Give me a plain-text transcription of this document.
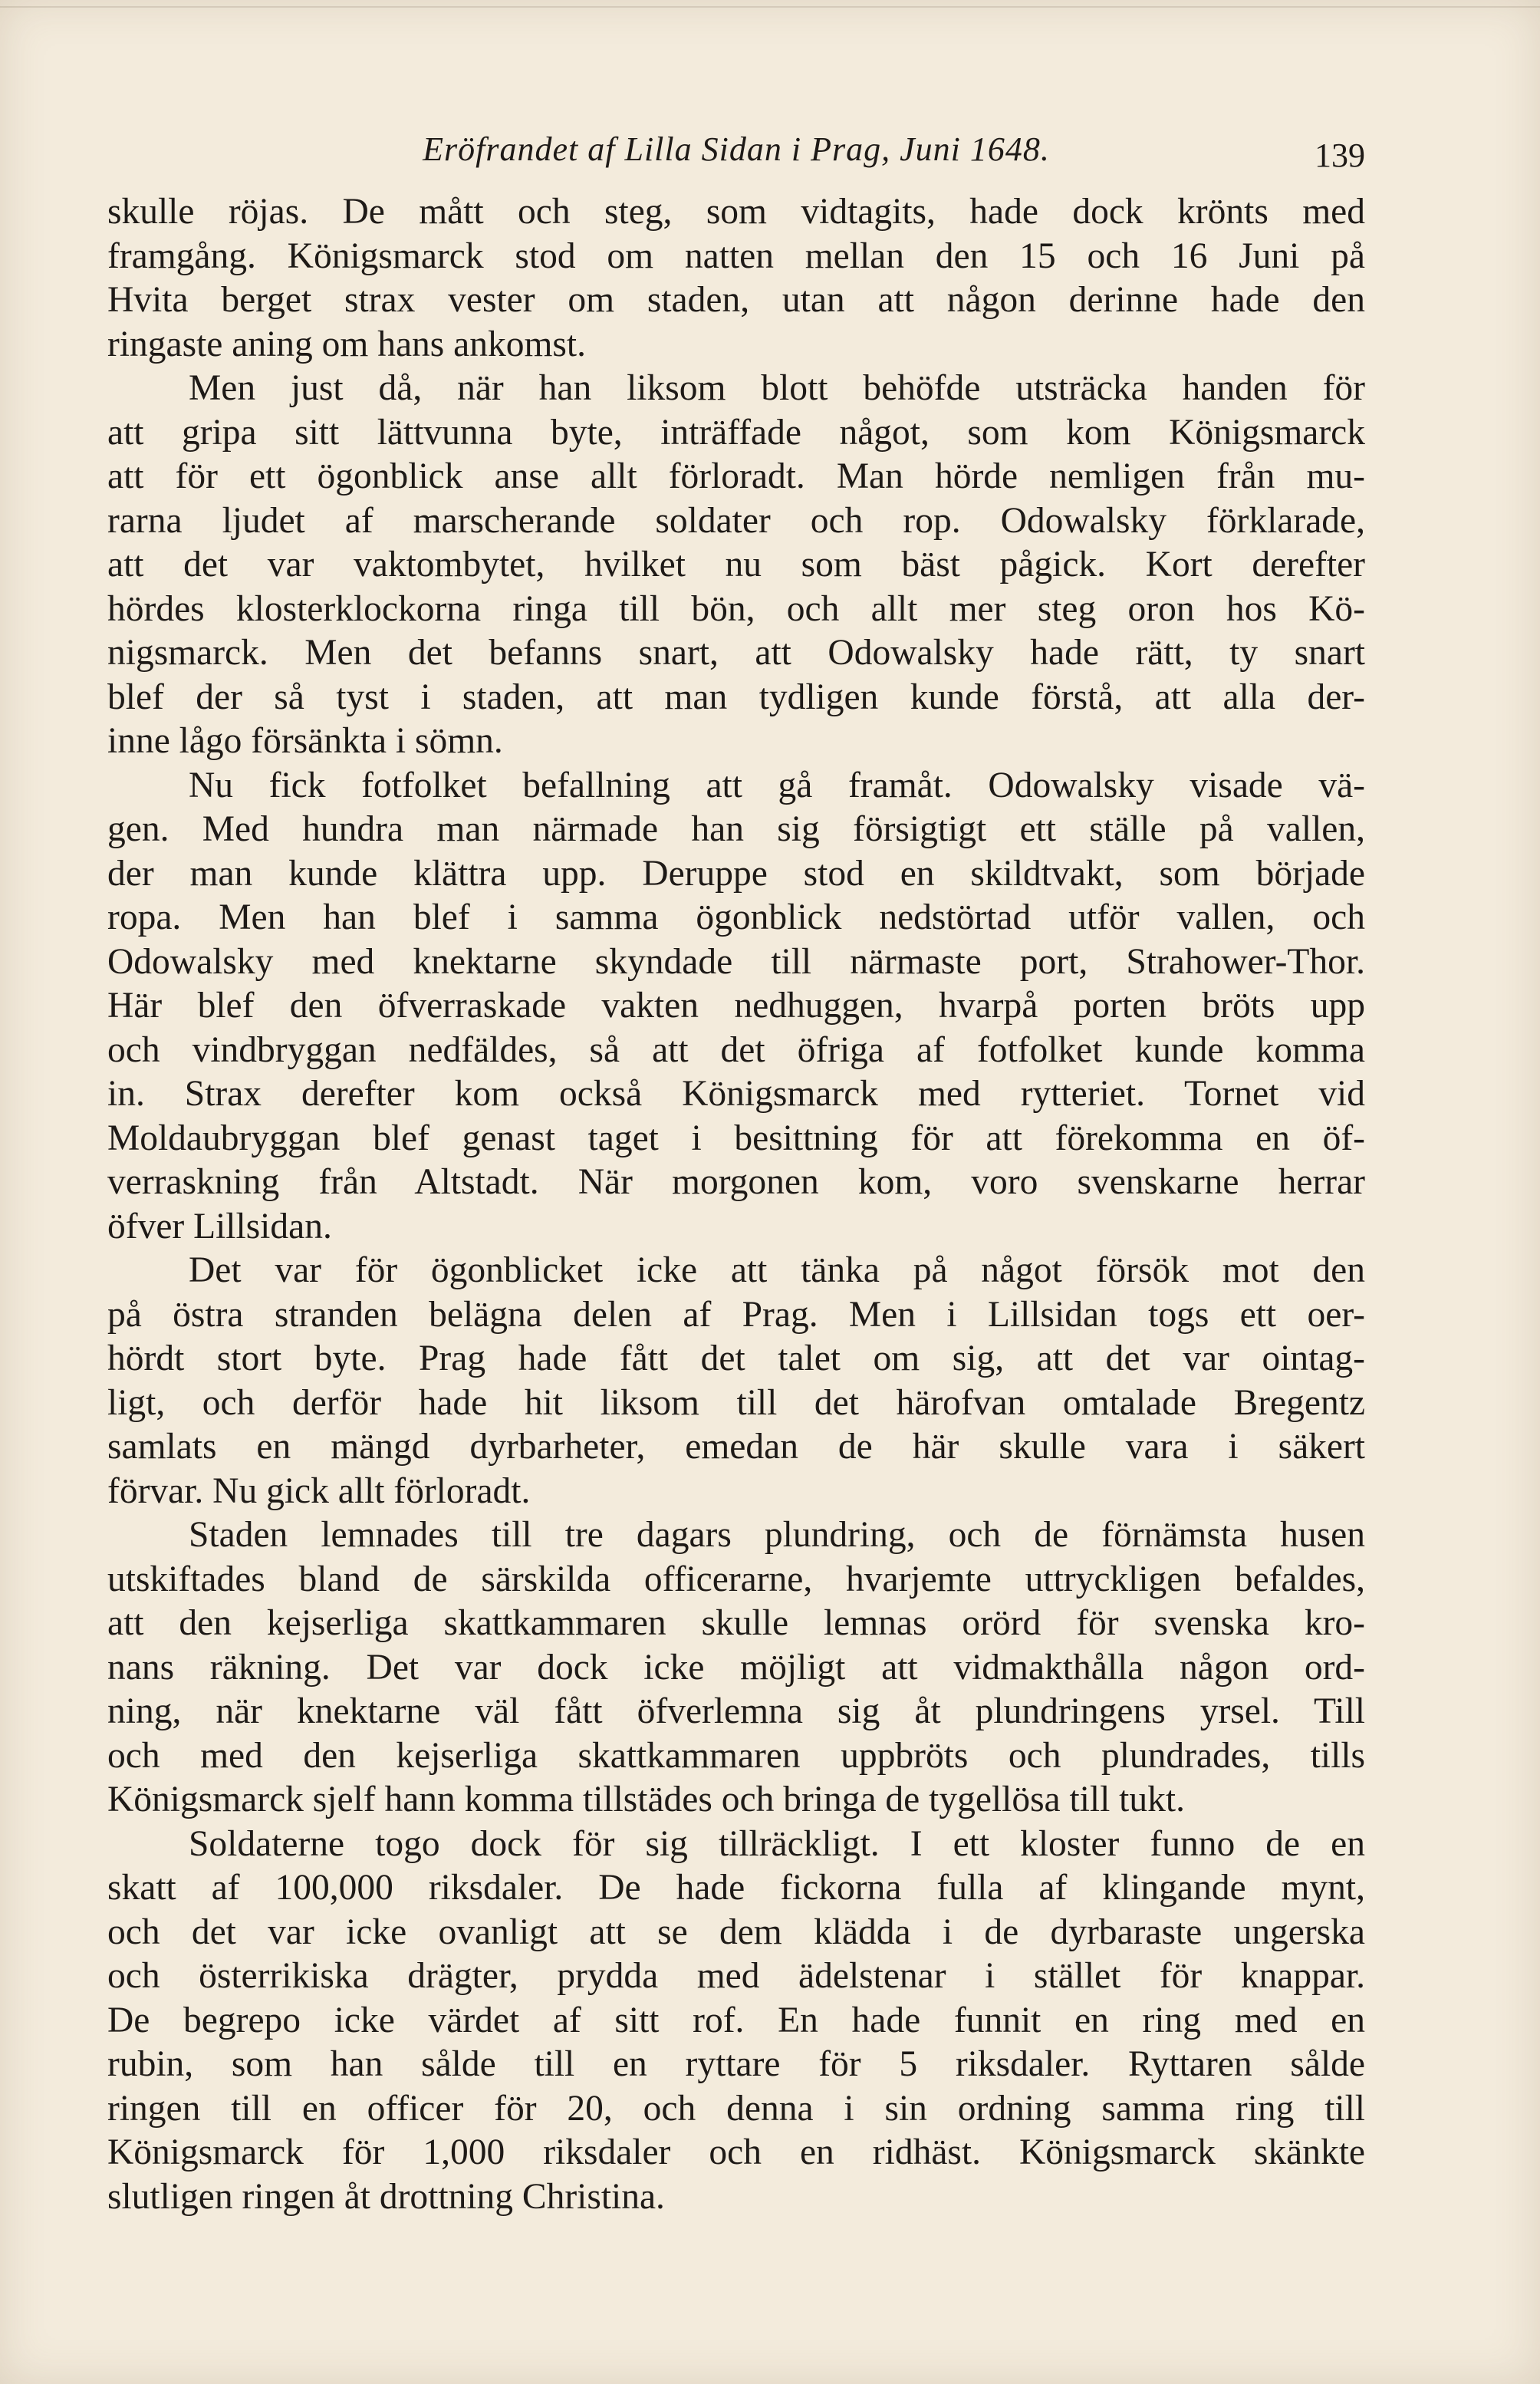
Eröfrandet af Lilla Sidan i Prag, Juni 1648.	139
skulle röjas. De mått och steg, som vidtagits, hade dock krönts med
framgång. Königsmarck stod om natten mellan den 15 och 16 Juni på
Hvita berget strax vester om staden, utan att någon derinne hade den
ringaste aning om hans ankomst.
Men just då, när han liksom blott behöfde utsträcka handen för
att gripa sitt lättvunna byte, inträffade något, som kom Königsmarck
att för ett ögonblick anse allt förloradt. Man hörde nemligen från mu-
rarna ljudet af marscherande soldater och rop. Odowalsky förklarade,
att det var vaktombytet, hvilket nu som bäst pågick. Kort derefter
hördes klosterklockorna ringa till bön, och allt mer steg oron hos Kö-
nigsmarck. Men det befanns snart, att Odowalsky hade rätt, ty snart
blef der så tyst i staden, att man tydligen kunde förstå, att alla der-
inne lågo försänkta i sömn.
Nu fick fotfolket befallning att gå framåt. Odowalsky visade vä-
gen. Med hundra man närmade han sig försigtigt ett ställe på vallen,
der man kunde klättra upp. Deruppe stod en skildtvakt, som började
ropa. Men han blef i samma ögonblick nedstörtad utför vallen, och
Odowalsky med knektarne skyndade till närmaste port, Strahower-Thor.
Här blef den öfverraskade vakten nedhuggen, hvarpå porten bröts upp
och vindbryggan nedfäldes, så att det öfriga af fotfolket kunde komma
in. Strax derefter kom också Königsmarck med rytteriet. Tornet vid
Moldaubryggan blef genast taget i besittning för att förekomma en öf-
verraskning från Altstadt. När morgonen kom, voro svenskarne herrar
öfver Lillsidan.
Det var för ögonblicket icke att tänka på något försök mot den
på östra stranden belägna delen af Prag. Men i Lillsidan togs ett oer-
hördt stort byte. Prag hade fått det talet om sig, att det var ointag-
ligt, och derför hade hit liksom till det härofvan omtalade Bregentz
samlats en mängd dyrbarheter, emedan de här skulle vara i säkert
förvar. Nu gick allt förloradt.
Staden lemnades till tre dagars plundring, och de förnämsta husen
utskiftades bland de särskilda officerarne, hvarjemte uttryckligen befaldes,
att den kejserliga skattkammaren skulle lemnas orörd för svenska kro-
nans räkning. Det var dock icke möjligt att vidmakthålla någon ord-
ning, när knektarne väl fått öfverlemna sig åt plundringens yrsel. Till
och med den kejserliga skattkammaren uppbröts och plundrades, tills
Königsmarck sjelf hann komma tillstädes och bringa de tygellösa till tukt.
Soldaterne togo dock för sig tillräckligt. I ett kloster funno de en
skatt af 100,000 riksdaler. De hade fickorna fulla af klingande mynt,
och det var icke ovanligt att se dem klädda i de dyrbaraste ungerska
och österrikiska drägter, prydda med ädelstenar i stället för knappar.
De begrepo icke värdet af sitt rof. En hade funnit en ring med en
rubin, som han sålde till en ryttare för 5 riksdaler. Ryttaren sålde
ringen till en officer för 20, och denna i sin ordning samma ring till
Königsmarck för 1,000 riksdaler och en ridhäst. Königsmarck skänkte
slutligen ringen åt drottning Christina.
